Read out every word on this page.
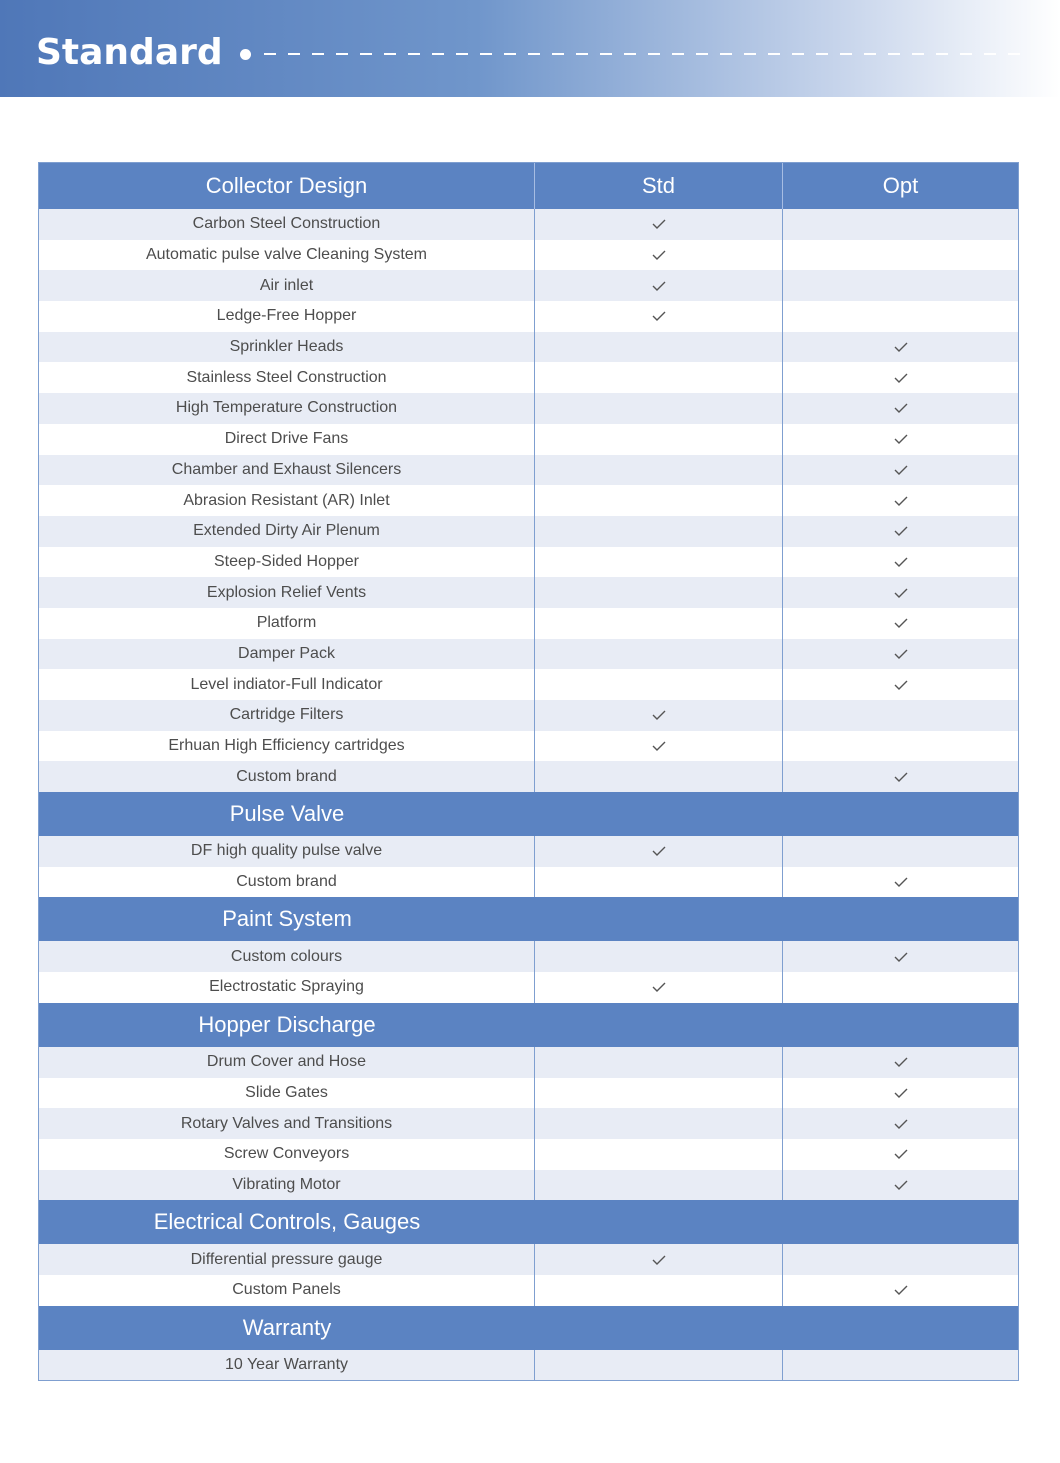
Standard
Collector Design	Std	Opt
Carbon Steel Construction
Automatic pulse valve Cleaning System
Air inlet
Ledge-Free Hopper
Sprinkler Heads
Stainless Steel Construction
High Temperature Construction
Direct Drive Fans
Chamber and Exhaust Silencers
Abrasion Resistant (AR) Inlet
Extended Dirty Air Plenum
Steep-Sided Hopper
Explosion Relief Vents
Platform
Damper Pack
Level indiator-Full Indicator
Cartridge Filters
Erhuan High Efficiency cartridges
Custom brand
Pulse Valve
DF high quality pulse valve
Custom brand
Paint System
Custom colours
Electrostatic Spraying
Hopper Discharge
Drum Cover and Hose
Slide Gates
Rotary Valves and Transitions
Screw Conveyors
Vibrating Motor
Electrical Controls, Gauges
Differential pressure gauge
Custom Panels
Warranty
10 Year Warranty
